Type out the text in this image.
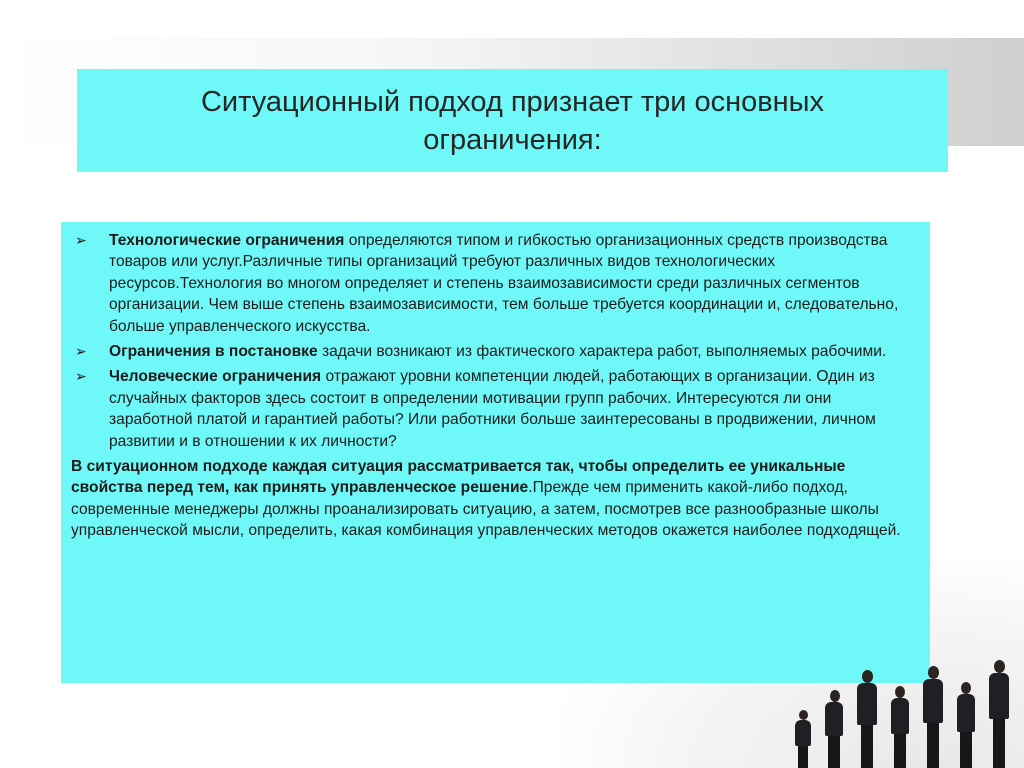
Ситуационный подход признает три основных ограничения:
➢ Технологические ограничения определяются типом и гибкостью организационных средств производства товаров или услуг.Различные типы организаций требуют различных видов технологических ресурсов.Технология во многом определяет и степень взаимозависимости среди различных сегментов организации. Чем выше степень взаимозависимости, тем больше требуется координации и, следовательно, больше управленческого искусства.
➢ Ограничения в постановке задачи возникают из фактического характера работ, выполняемых рабочими.
➢ Человеческие ограничения отражают уровни компетенции людей, работающих в организации. Один из случайных факторов здесь состоит в определении мотивации групп рабочих. Интересуются ли они заработной платой и гарантией работы? Или работники больше заинтересованы в продвижении, личном развитии и в отношении к их личности?

В ситуационном подходе каждая ситуация рассматривается так, чтобы определить ее уникальные свойства перед тем, как принять управленческое решение.Прежде чем применить какой-либо подход, современные менеджеры должны проанализировать ситуацию, а затем, посмотрев все разнообразные школы управленческой мысли, определить, какая комбинация управленческих методов окажется наиболее подходящей.
